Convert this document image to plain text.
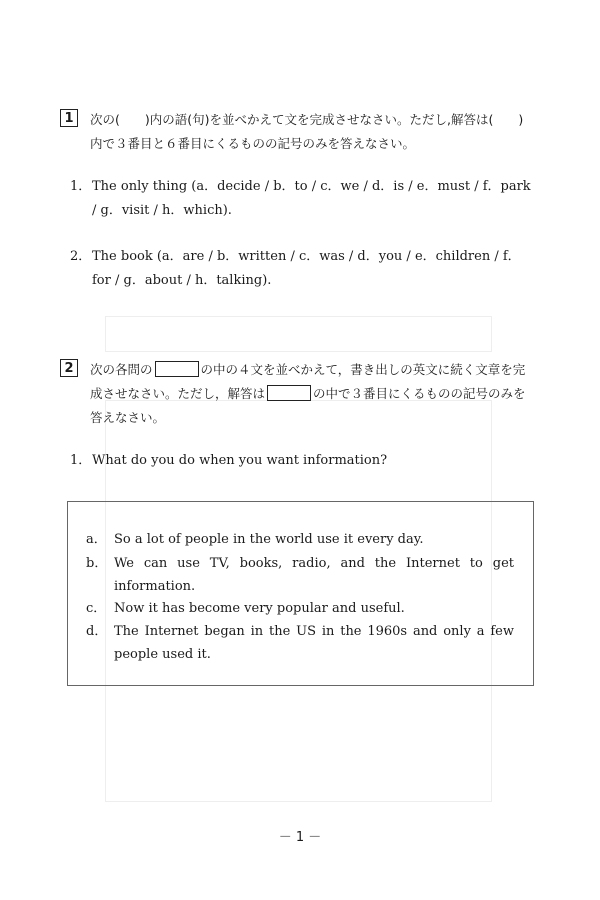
1	次の(　　)内の語(句)を並べかえて文を完成させなさい。ただし,解答は(　　)内で３番目と６番目にくるものの記号のみを答えなさい。
1． The only thing (a．decide / b．to / c．we / d．is / e．must / f．park / g．visit / h．which).
2． The book (a．are / b．written / c．was / d．you / e．children / f．for / g．about / h．talking).
2	次の各問の	の中の４文を並べかえて，書き出しの英文に続く文章を完成させなさい。ただし，解答は	の中で３番目にくるものの記号のみを答えなさい。
1． What do you do when you want information?
a． So a lot of people in the world use it every day.
b． We can use TV, books, radio, and the Internet to get information.
c． Now it has become very popular and useful.
d． The Internet began in the US in the 1960s and only a few people used it.
－ 1 －
